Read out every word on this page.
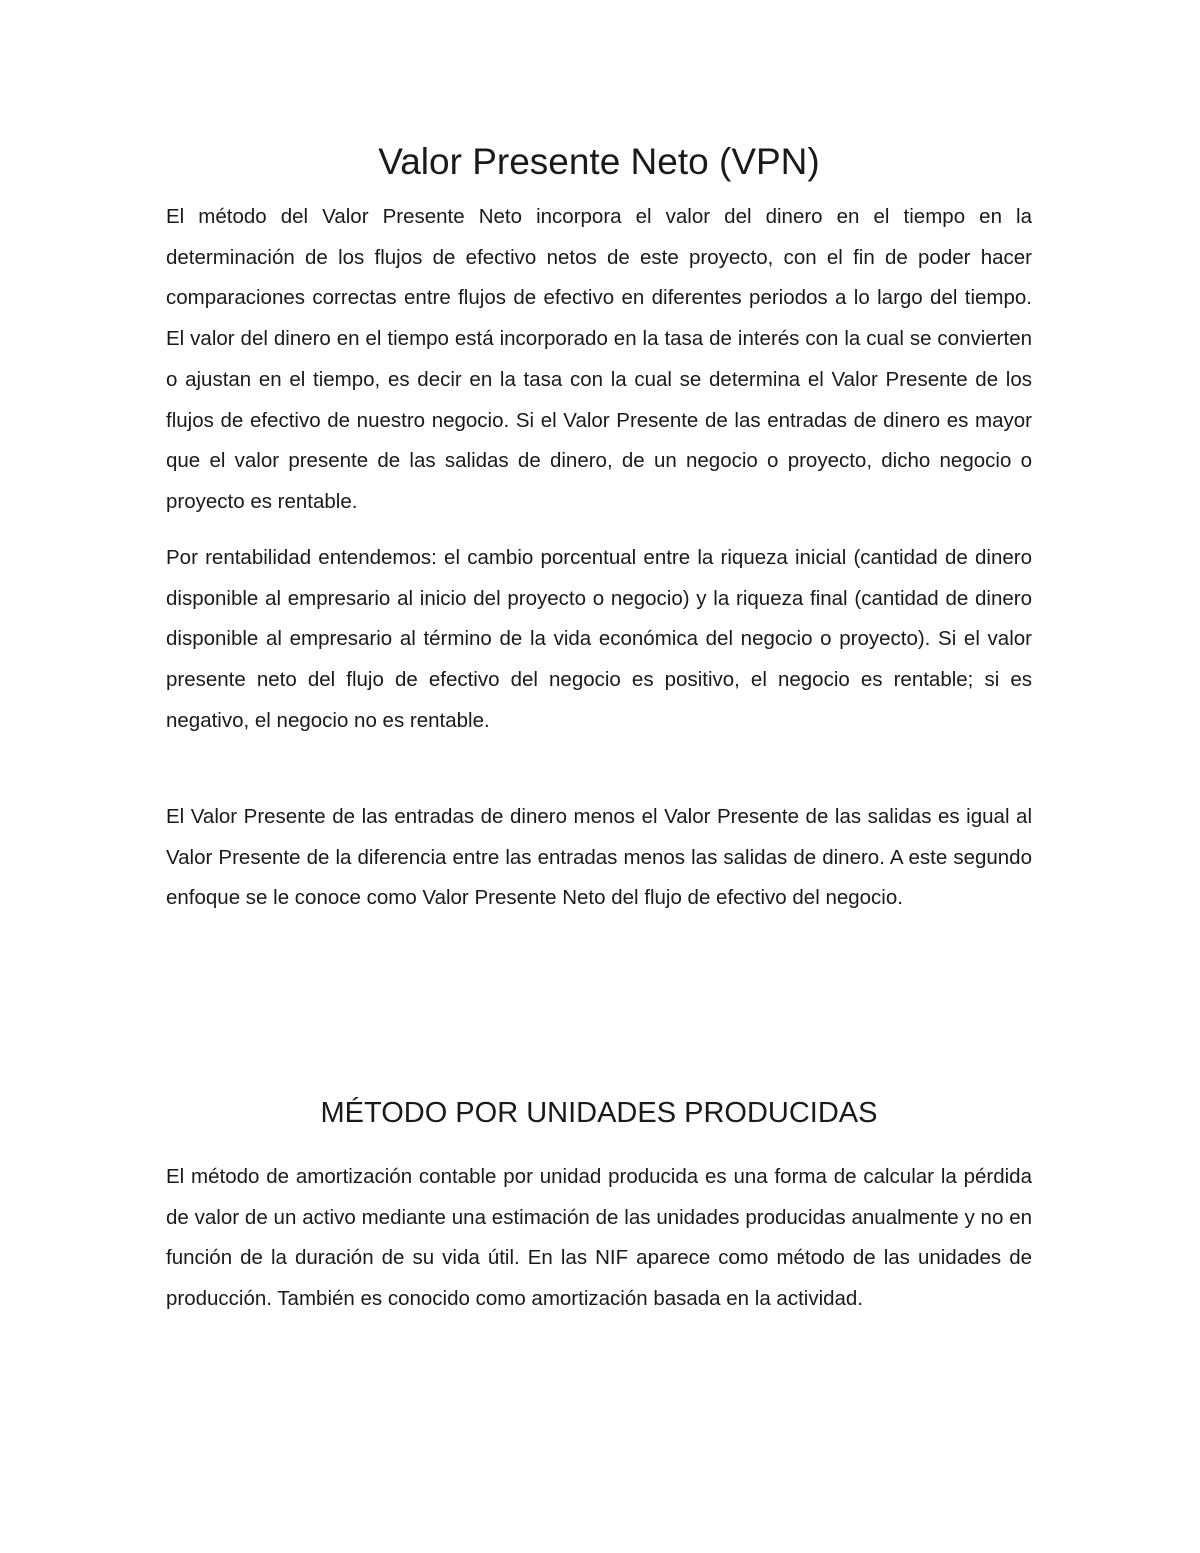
Valor Presente Neto (VPN)

El método del Valor Presente Neto incorpora el valor del dinero en el tiempo en la determinación de los flujos de efectivo netos de este proyecto, con el fin de poder hacer comparaciones correctas entre flujos de efectivo en diferentes periodos a lo largo del tiempo. El valor del dinero en el tiempo está incorporado en la tasa de interés con la cual se convierten o ajustan en el tiempo, es decir en la tasa con la cual se determina el Valor Presente de los flujos de efectivo de nuestro negocio. Si el Valor Presente de las entradas de dinero es mayor que el valor presente de las salidas de dinero, de un negocio o proyecto, dicho negocio o proyecto es rentable.

Por rentabilidad entendemos: el cambio porcentual entre la riqueza inicial (cantidad de dinero disponible al empresario al inicio del proyecto o negocio) y la riqueza final (cantidad de dinero disponible al empresario al término de la vida económica del negocio o proyecto). Si el valor presente neto del flujo de efectivo del negocio es positivo, el negocio es rentable; si es negativo, el negocio no es rentable.

El Valor Presente de las entradas de dinero menos el Valor Presente de las salidas es igual al Valor Presente de la diferencia entre las entradas menos las salidas de dinero. A este segundo enfoque se le conoce como Valor Presente Neto del flujo de efectivo del negocio.

MÉTODO POR UNIDADES PRODUCIDAS

El método de amortización contable por unidad producida es una forma de calcular la pérdida de valor de un activo mediante una estimación de las unidades producidas anualmente y no en función de la duración de su vida útil. En las NIF aparece como método de las unidades de producción. También es conocido como amortización basada en la actividad.
